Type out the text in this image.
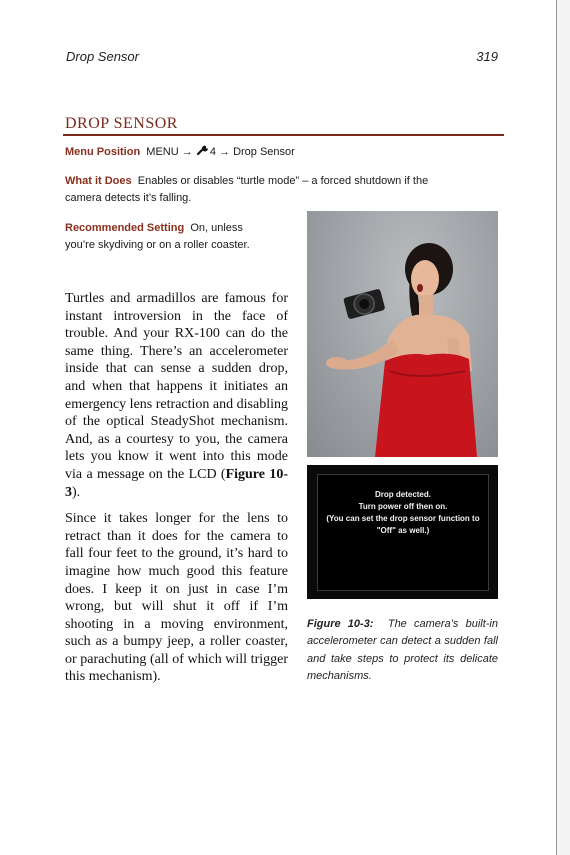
Drop Sensor	319
DROP SENSOR
Menu Position MENU → 4 → Drop Sensor
What it Does Enables or disables “turtle mode” – a forced shutdown if the
camera detects it’s falling.
Recommended Setting On, unless
you’re skydiving or on a roller coaster.

Turtles and armadillos are famous for instant introversion in the face of trouble. And your RX-100 can do the same thing. There’s an accelerometer inside that can sense a sudden drop, and when that happens it initiates an emergency lens retraction and disabling of the optical SteadyShot mechanism. And, as a courtesy to you, the camera lets you know it went into this mode via a message on the LCD (Figure 10-3).

Since it takes longer for the lens to retract than it does for the camera to fall four feet to the ground, it’s hard to imagine how much good this feature does. I keep it on just in case I’m wrong, but will shut it off if I’m shooting in a moving environment, such as a bumpy jeep, a roller coaster, or parachuting (all of which will trigger this mechanism).

Drop detected.
Turn power off then on.
(You can set the drop sensor function to "Off" as well.)
Figure 10-3: The camera’s built-in accelerometer can detect a sudden fall and take steps to protect its delicate mechanisms.
